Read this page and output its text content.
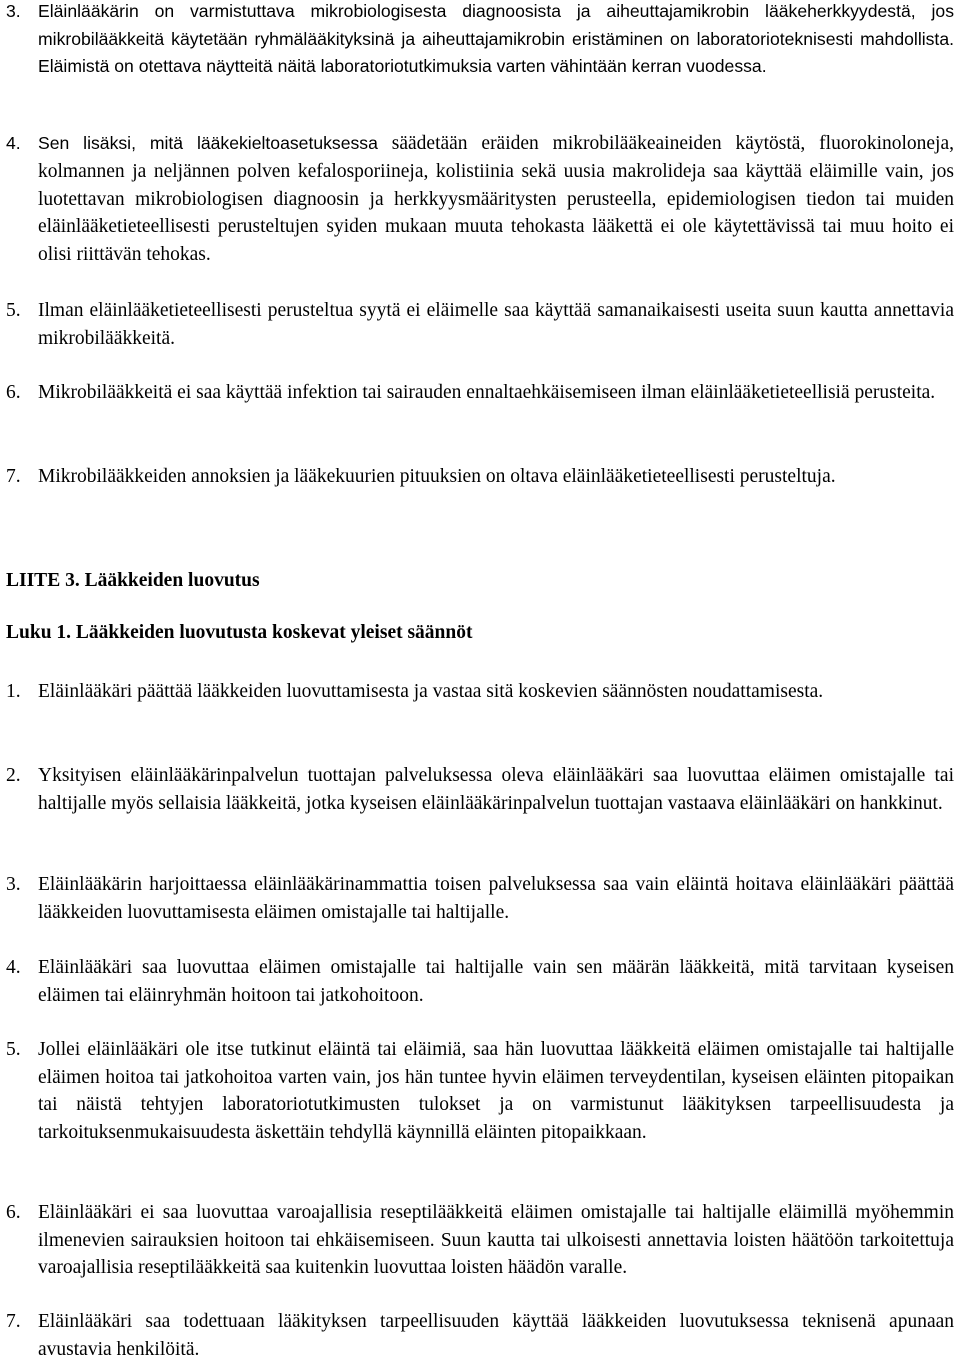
3. Eläinlääkärin on varmistuttava mikrobiologisesta diagnoosista ja aiheuttajamikrobin lääkeherkkyydestä, jos mikrobilääkkeitä käytetään ryhmälääkityksinä ja aiheuttajamikrobin eristäminen on laboratorioteknisesti mahdollista. Eläimistä on otettava näytteitä näitä laboratoriotutkimuksia varten vähintään kerran vuodessa.
4. Sen lisäksi, mitä lääkekieltoasetuksessa säädetään eräiden mikrobilääkeaineiden käytöstä, fluorokinoloneja, kolmannen ja neljännen polven kefalosporiineja, kolistiinia sekä uusia makrolideja saa käyttää eläimille vain, jos luotettavan mikrobiologisen diagnoosin ja herkkyysmääritysten perusteella, epidemiologisen tiedon tai muiden eläinlääketieteellisesti perusteltujen syiden mukaan muuta tehokasta lääkettä ei ole käytettävissä tai muu hoito ei olisi riittävän tehokas.
5. Ilman eläinlääketieteellisesti perusteltua syytä ei eläimelle saa käyttää samanaikaisesti useita suun kautta annettavia mikrobilääkkeitä.
6. Mikrobilääkkeitä ei saa käyttää infektion tai sairauden ennaltaehkäisemiseen ilman eläinlääketieteellisiä perusteita.
7. Mikrobilääkkeiden annoksien ja lääkekuurien pituuksien on oltava eläinlääketieteellisesti perusteltuja.
LIITE 3. Lääkkeiden luovutus
Luku 1. Lääkkeiden luovutusta koskevat yleiset säännöt
1. Eläinlääkäri päättää lääkkeiden luovuttamisesta ja vastaa sitä koskevien säännösten noudattamisesta.
2. Yksityisen eläinlääkärinpalvelun tuottajan palveluksessa oleva eläinlääkäri saa luovuttaa eläimen omistajalle tai haltijalle myös sellaisia lääkkeitä, jotka kyseisen eläinlääkärinpalvelun tuottajan vastaava eläinlääkäri on hankkinut.
3. Eläinlääkärin harjoittaessa eläinlääkärinammattia toisen palveluksessa saa vain eläintä hoitava eläinlääkäri päättää lääkkeiden luovuttamisesta eläimen omistajalle tai haltijalle.
4. Eläinlääkäri saa luovuttaa eläimen omistajalle tai haltijalle vain sen määrän lääkkeitä, mitä tarvitaan kyseisen eläimen tai eläinryhmän hoitoon tai jatkohoitoon.
5. Jollei eläinlääkäri ole itse tutkinut eläintä tai eläimiä, saa hän luovuttaa lääkkeitä eläimen omistajalle tai haltijalle eläimen hoitoa tai jatkohoitoa varten vain, jos hän tuntee hyvin eläimen terveydentilan, kyseisen eläinten pitopaikan tai näistä tehtyjen laboratoriotutkimusten tulokset ja on varmistunut lääkityksen tarpeellisuudesta ja tarkoituksenmukaisuudesta äskettäin tehdyllä käynnillä eläinten pitopaikkaan.
6. Eläinlääkäri ei saa luovuttaa varoajallisia reseptilääkkeitä eläimen omistajalle tai haltijalle eläimillä myöhemmin ilmenevien sairauksien hoitoon tai ehkäisemiseen. Suun kautta tai ulkoisesti annettavia loisten häätöön tarkoitettuja varoajallisia reseptilääkkeitä saa kuitenkin luovuttaa loisten häädön varalle.
7. Eläinlääkäri saa todettuaan lääkityksen tarpeellisuuden käyttää lääkkeiden luovutuksessa teknisenä apunaan avustavia henkilöitä.
